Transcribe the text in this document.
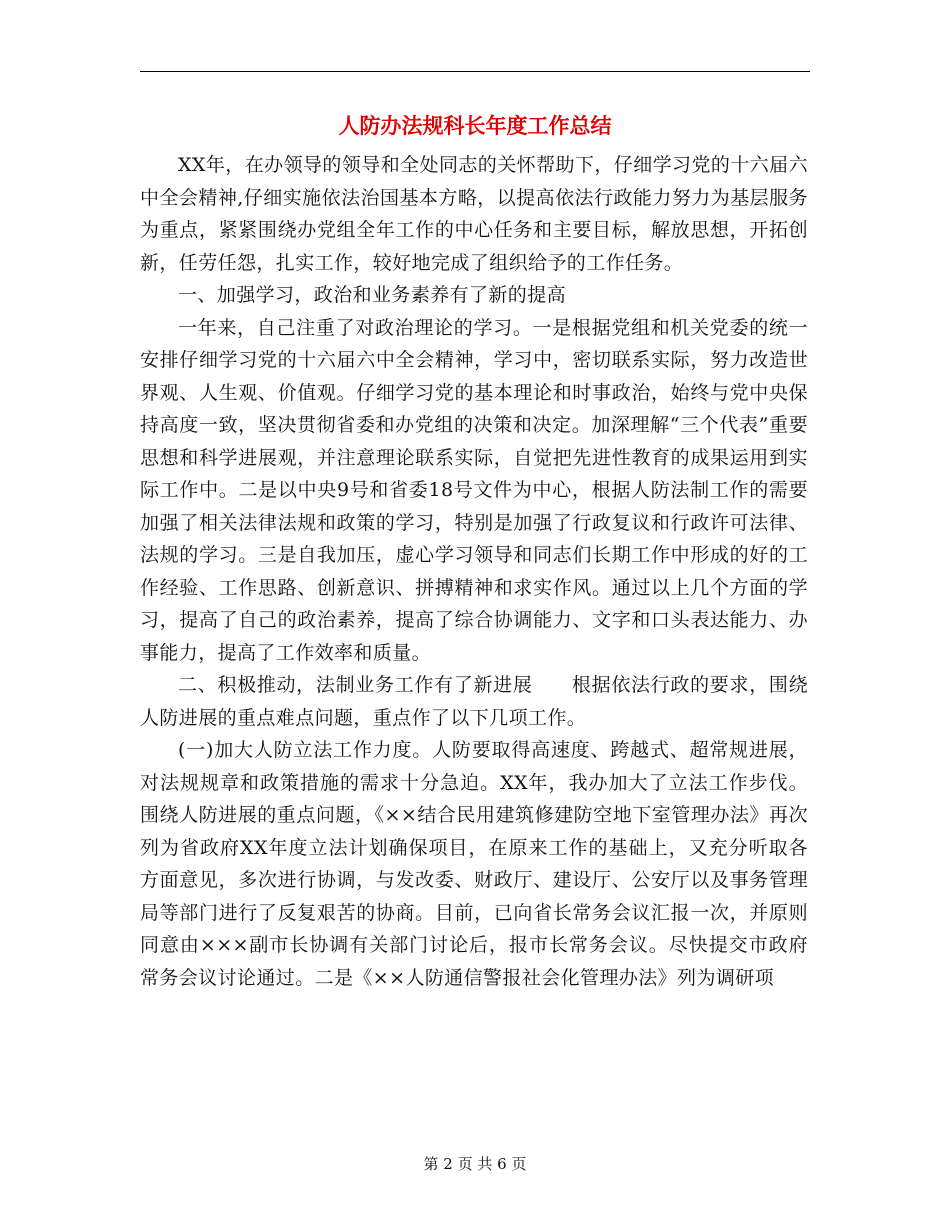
人防办法规科长年度工作总结

XX年，在办领导的领导和全处同志的关怀帮助下，仔细学习党的十六届六中全会精神,仔细实施依法治国基本方略，以提高依法行政能力努力为基层服务为重点，紧紧围绕办党组全年工作的中心任务和主要目标，解放思想，开拓创新，任劳任怨，扎实工作，较好地完成了组织给予的工作任务。

一、加强学习，政治和业务素养有了新的提高

一年来，自己注重了对政治理论的学习。一是根据党组和机关党委的统一安排仔细学习党的十六届六中全会精神，学习中，密切联系实际，努力改造世界观、人生观、价值观。仔细学习党的基本理论和时事政治，始终与党中央保持高度一致，坚决贯彻省委和办党组的决策和决定。加深理解“三个代表”重要思想和科学进展观，并注意理论联系实际，自觉把先进性教育的成果运用到实际工作中。二是以中央9号和省委18号文件为中心，根据人防法制工作的需要加强了相关法律法规和政策的学习，特别是加强了行政复议和行政许可法律、法规的学习。三是自我加压，虚心学习领导和同志们长期工作中形成的好的工作经验、工作思路、创新意识、拼搏精神和求实作风。通过以上几个方面的学习，提高了自己的政治素养，提高了综合协调能力、文字和口头表达能力、办事能力，提高了工作效率和质量。

二、积极推动，法制业务工作有了新进展　　根据依法行政的要求，围绕人防进展的重点难点问题，重点作了以下几项工作。

(一)加大人防立法工作力度。人防要取得高速度、跨越式、超常规进展，对法规规章和政策措施的需求十分急迫。XX年，我办加大了立法工作步伐。围绕人防进展的重点问题，《××结合民用建筑修建防空地下室管理办法》再次列为省政府XX年度立法计划确保项目，在原来工作的基础上，又充分听取各方面意见，多次进行协调，与发改委、财政厅、建设厅、公安厅以及事务管理局等部门进行了反复艰苦的协商。目前，已向省长常务会议汇报一次，并原则同意由×××副市长协调有关部门讨论后，报市长常务会议。尽快提交市政府常务会议讨论通过。二是《××人防通信警报社会化管理办法》列为调研项

第 2 页 共 6 页
